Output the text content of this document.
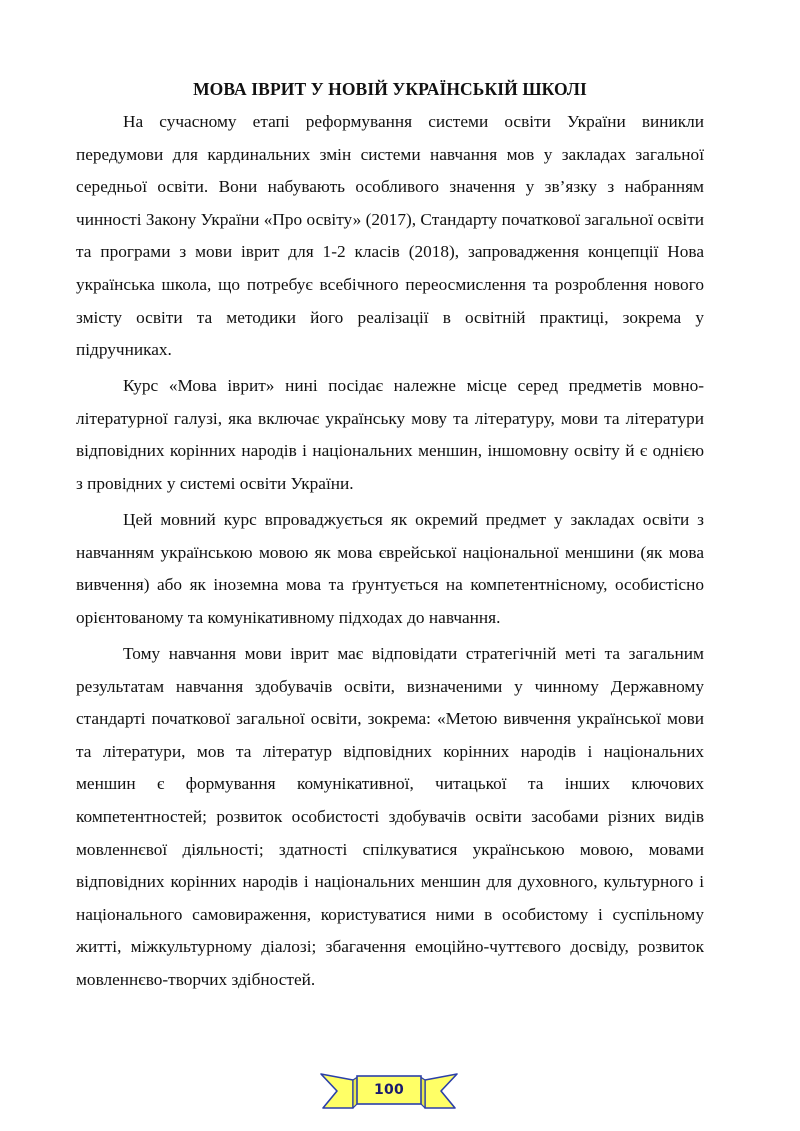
МОВА ІВРИТ У НОВІЙ УКРАЇНСЬКІЙ ШКОЛІ

На сучасному етапі реформування системи освіти України виникли передумови для кардинальних змін системи навчання мов у закладах загальної середньої освіти. Вони набувають особливого значення у зв’язку з набранням чинності Закону України «Про освіту» (2017), Стандарту початкової загальної освіти та програми з мови іврит для 1-2 класів (2018), запровадження концепції Нова українська школа, що потребує всебічного переосмислення та розроблення нового змісту освіти та методики його реалізації в освітній практиці, зокрема у підручниках.

Курс «Мова іврит» нині посідає належне місце серед предметів мовно-літературної галузі, яка включає українську мову та літературу, мови та літератури відповідних корінних народів і національних меншин, іншомовну освіту й є однією з провідних у системі освіти України.

Цей мовний курс впроваджується як окремий предмет у закладах освіти з навчанням українською мовою як мова єврейської національної меншини (як мова вивчення) або як іноземна мова та ґрунтується на компетентнісному, особистісно орієнтованому та комунікативному підходах до навчання.

Тому навчання мови іврит має відповідати стратегічній меті та загальним результатам навчання здобувачів освіти, визначеними у чинному Державному стандарті початкової загальної освіти, зокрема: «Метою вивчення української мови та літератури, мов та літератур відповідних корінних народів і національних меншин є формування комунікативної, читацької та інших ключових компетентностей; розвиток особистості здобувачів освіти засобами різних видів мовленнєвої діяльності; здатності спілкуватися українською мовою, мовами відповідних корінних народів і національних меншин для духовного, культурного і національного самовираження, користуватися ними в особистому і суспільному житті, міжкультурному діалозі; збагачення емоційно-чуттєвого досвіду, розвиток мовленнєво-творчих здібностей.

100
